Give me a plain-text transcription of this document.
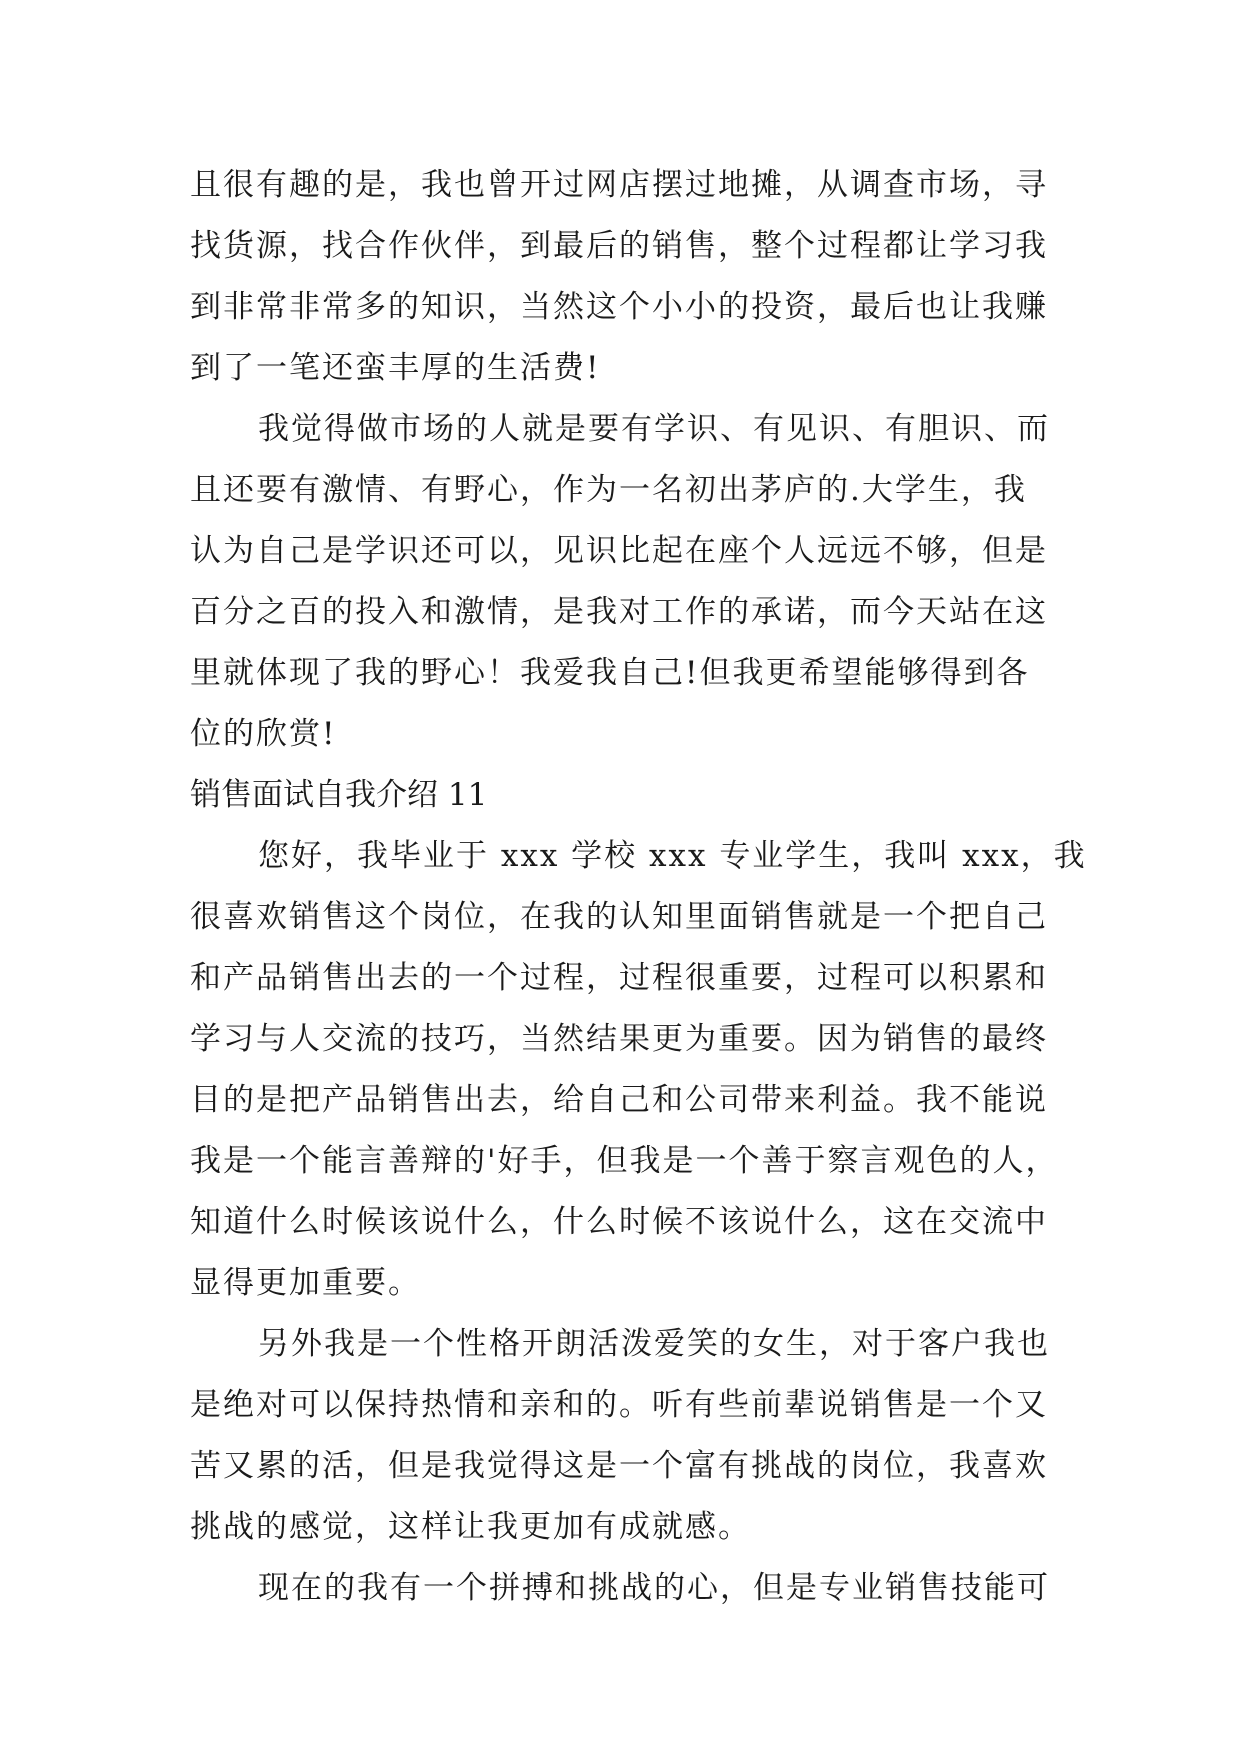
且很有趣的是，我也曾开过网店摆过地摊，从调查市场，寻
找货源，找合作伙伴，到最后的销售，整个过程都让学习我
到非常非常多的知识，当然这个小小的投资，最后也让我赚
到了一笔还蛮丰厚的生活费!
我觉得做市场的人就是要有学识、有见识、有胆识、而
且还要有激情、有野心，作为一名初出茅庐的.大学生，我
认为自己是学识还可以，见识比起在座个人远远不够，但是
百分之百的投入和激情，是我对工作的承诺，而今天站在这
里就体现了我的野心！我爱我自己!但我更希望能够得到各
位的欣赏!
销售面试自我介绍 11
您好，我毕业于 xxx 学校 xxx 专业学生，我叫 xxx，我
很喜欢销售这个岗位，在我的认知里面销售就是一个把自己
和产品销售出去的一个过程，过程很重要，过程可以积累和
学习与人交流的技巧，当然结果更为重要。因为销售的最终
目的是把产品销售出去，给自己和公司带来利益。我不能说
我是一个能言善辩的'好手，但我是一个善于察言观色的人，
知道什么时候该说什么，什么时候不该说什么，这在交流中
显得更加重要。
另外我是一个性格开朗活泼爱笑的女生，对于客户我也
是绝对可以保持热情和亲和的。听有些前辈说销售是一个又
苦又累的活，但是我觉得这是一个富有挑战的岗位，我喜欢
挑战的感觉，这样让我更加有成就感。
现在的我有一个拼搏和挑战的心，但是专业销售技能可
